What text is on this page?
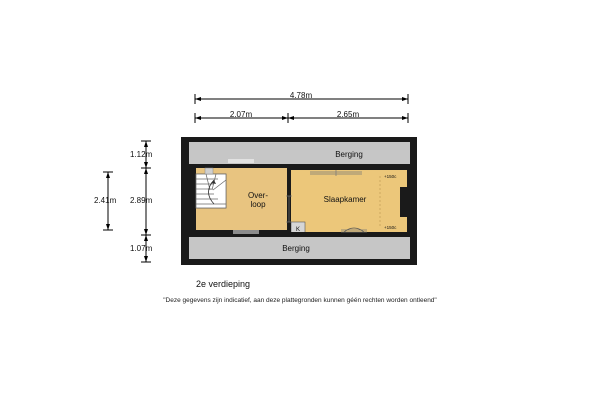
Berging
Berging
Over-
loop
Slaapkamer
K
+150c
+150c
4.78m
2.07m	2.65m
1.12m
2.89m
1.07m
2.41m
2e verdieping
"Deze gegevens zijn indicatief, aan deze plattegronden kunnen géén rechten worden ontleend"
